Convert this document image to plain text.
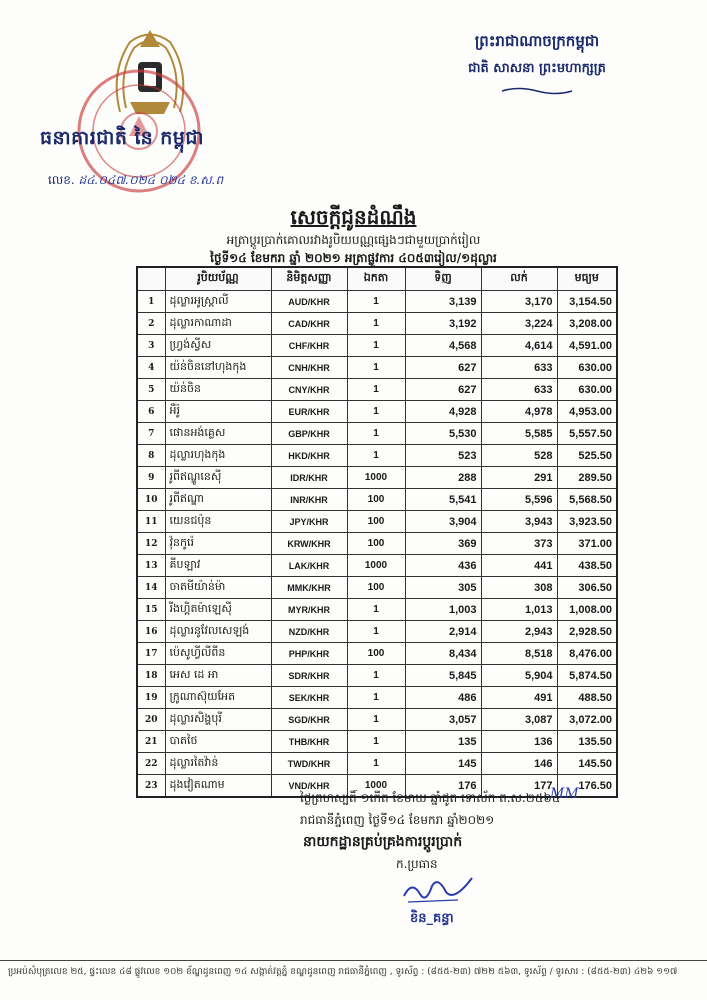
ធនាគារជាតិ នៃ កម្ពុជា
លេខ. ដ៤.០៤៧.០២៤ ០២៤ ខ.ស.ព
ព្រះរាជាណាចក្រកម្ពុជា
ជាតិ សាសនា ព្រះមហាក្សត្រ
សេចក្តីជូនដំណឹង
អត្រាប្តូរប្រាក់គោលរវាងរូបិយបណ្ណផ្សេងៗជាមួយប្រាក់រៀល
ថ្ងៃទី១៤ ខែមករា ឆ្នាំ ២០២១ អត្រាផ្លូវការ ៤០៥៣រៀល/១ដុល្លារ
	រូបិយប័ណ្ណ	និមិត្តសញ្ញា	ឯកតា	ទិញ	លក់	មធ្យម
1	ដុល្លារអូស្ត្រាលី	AUD/KHR	1	3,139	3,170	3,154.50
2	ដុល្លារកាណាដា	CAD/KHR	1	3,192	3,224	3,208.00
3	ហ្វ្រង់ស្វីស	CHF/KHR	1	4,568	4,614	4,591.00
4	យ៉ន់ចិននៅហុងកុង	CNH/KHR	1	627	633	630.00
5	យ៉ន់ចិន	CNY/KHR	1	627	633	630.00
6	អឺរ៉ូ	EUR/KHR	1	4,928	4,978	4,953.00
7	ផោនអង់គ្លេស	GBP/KHR	1	5,530	5,585	5,557.50
8	ដុល្លារហុងកុង	HKD/KHR	1	523	528	525.50
9	រូពីឥណ្ឌូនេស៊ី	IDR/KHR	1000	288	291	289.50
10	រូពីឥណ្ឌា	INR/KHR	100	5,541	5,596	5,568.50
11	យេនជប៉ុន	JPY/KHR	100	3,904	3,943	3,923.50
12	វ៉ុនកូរ៉េ	KRW/KHR	100	369	373	371.00
13	គីបឡាវ	LAK/KHR	1000	436	441	438.50
14	ចាតមីយ៉ាន់ម៉ា	MMK/KHR	100	305	308	306.50
15	រីងហ្គិតម៉ាឡេស៊ី	MYR/KHR	1	1,003	1,013	1,008.00
16	ដុល្លារនូវែលសេឡង់	NZD/KHR	1	2,914	2,943	2,928.50
17	ប៉េសូហ្វីលីពីន	PHP/KHR	100	8,434	8,518	8,476.00
18	អេស ដេ អា	SDR/KHR	1	5,845	5,904	5,874.50
19	ក្រូណាស៊ុយអែត	SEK/KHR	1	486	491	488.50
20	ដុល្លារសិង្ហបុរី	SGD/KHR	1	3,057	3,087	3,072.00
21	បាតថៃ	THB/KHR	1	135	136	135.50
22	ដុល្លារតៃវ៉ាន់	TWD/KHR	1	145	146	145.50
23	ដុងវៀតណាម	VND/KHR	1000	176	177	176.50
ថ្ងៃព្រហស្បតិ៍ ១កើត ខែមាឃ ឆ្នាំជូត ទោស័ក ព.ស.២៥៦៤
MM
រាជធានីភ្នំពេញ ថ្ងៃទី១៤ ខែមករា ឆ្នាំ២០២១
នាយកដ្ឋានគ្រប់គ្រងការប្តូរប្រាក់
ក.ប្រធាន
ខិន_គន្ធា
ប្រអប់សំបុត្រលេខ ២៥, ផ្ទះលេខ ៤៨ ផ្លូវលេខ ១០២ ខ័ណ្ឌដូនពេញ ១៤ សង្កាត់វត្តភ្នំ ខណ្ឌដូនពេញ រាជធានីភ្នំពេញ , ទូរស័ព្ទ : (៨៥៥-២៣) ៧២២ ៥៦៣, ទូរស័ព្ទ / ទូរសារ : (៨៥៥-២៣) ៤២៦ ១១៧
